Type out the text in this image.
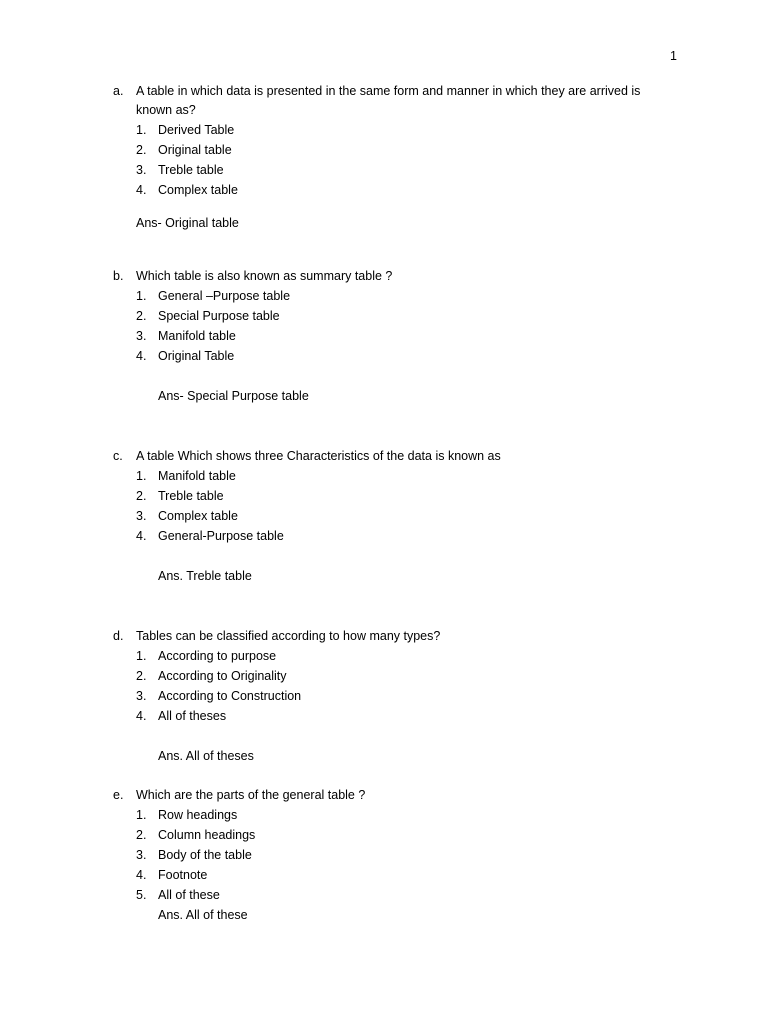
1
a. A table in which data is presented in the same form and manner in which they are arrived is
known as?
1. Derived Table
2. Original table
3. Treble table
4. Complex table
Ans- Original table
b. Which table is also known as summary table ?
1. General –Purpose table
2. Special Purpose table
3. Manifold table
4. Original Table
Ans- Special Purpose table
c. A table Which shows three Characteristics of the data is known as
1. Manifold table
2. Treble table
3. Complex table
4. General-Purpose table
Ans. Treble table
d. Tables can be classified according to how many types?
1. According to purpose
2. According to Originality
3. According to Construction
4. All of theses
Ans. All of theses
e. Which are the parts of the general table ?
1. Row headings
2. Column headings
3. Body of the table
4. Footnote
5. All of these
Ans. All of these
